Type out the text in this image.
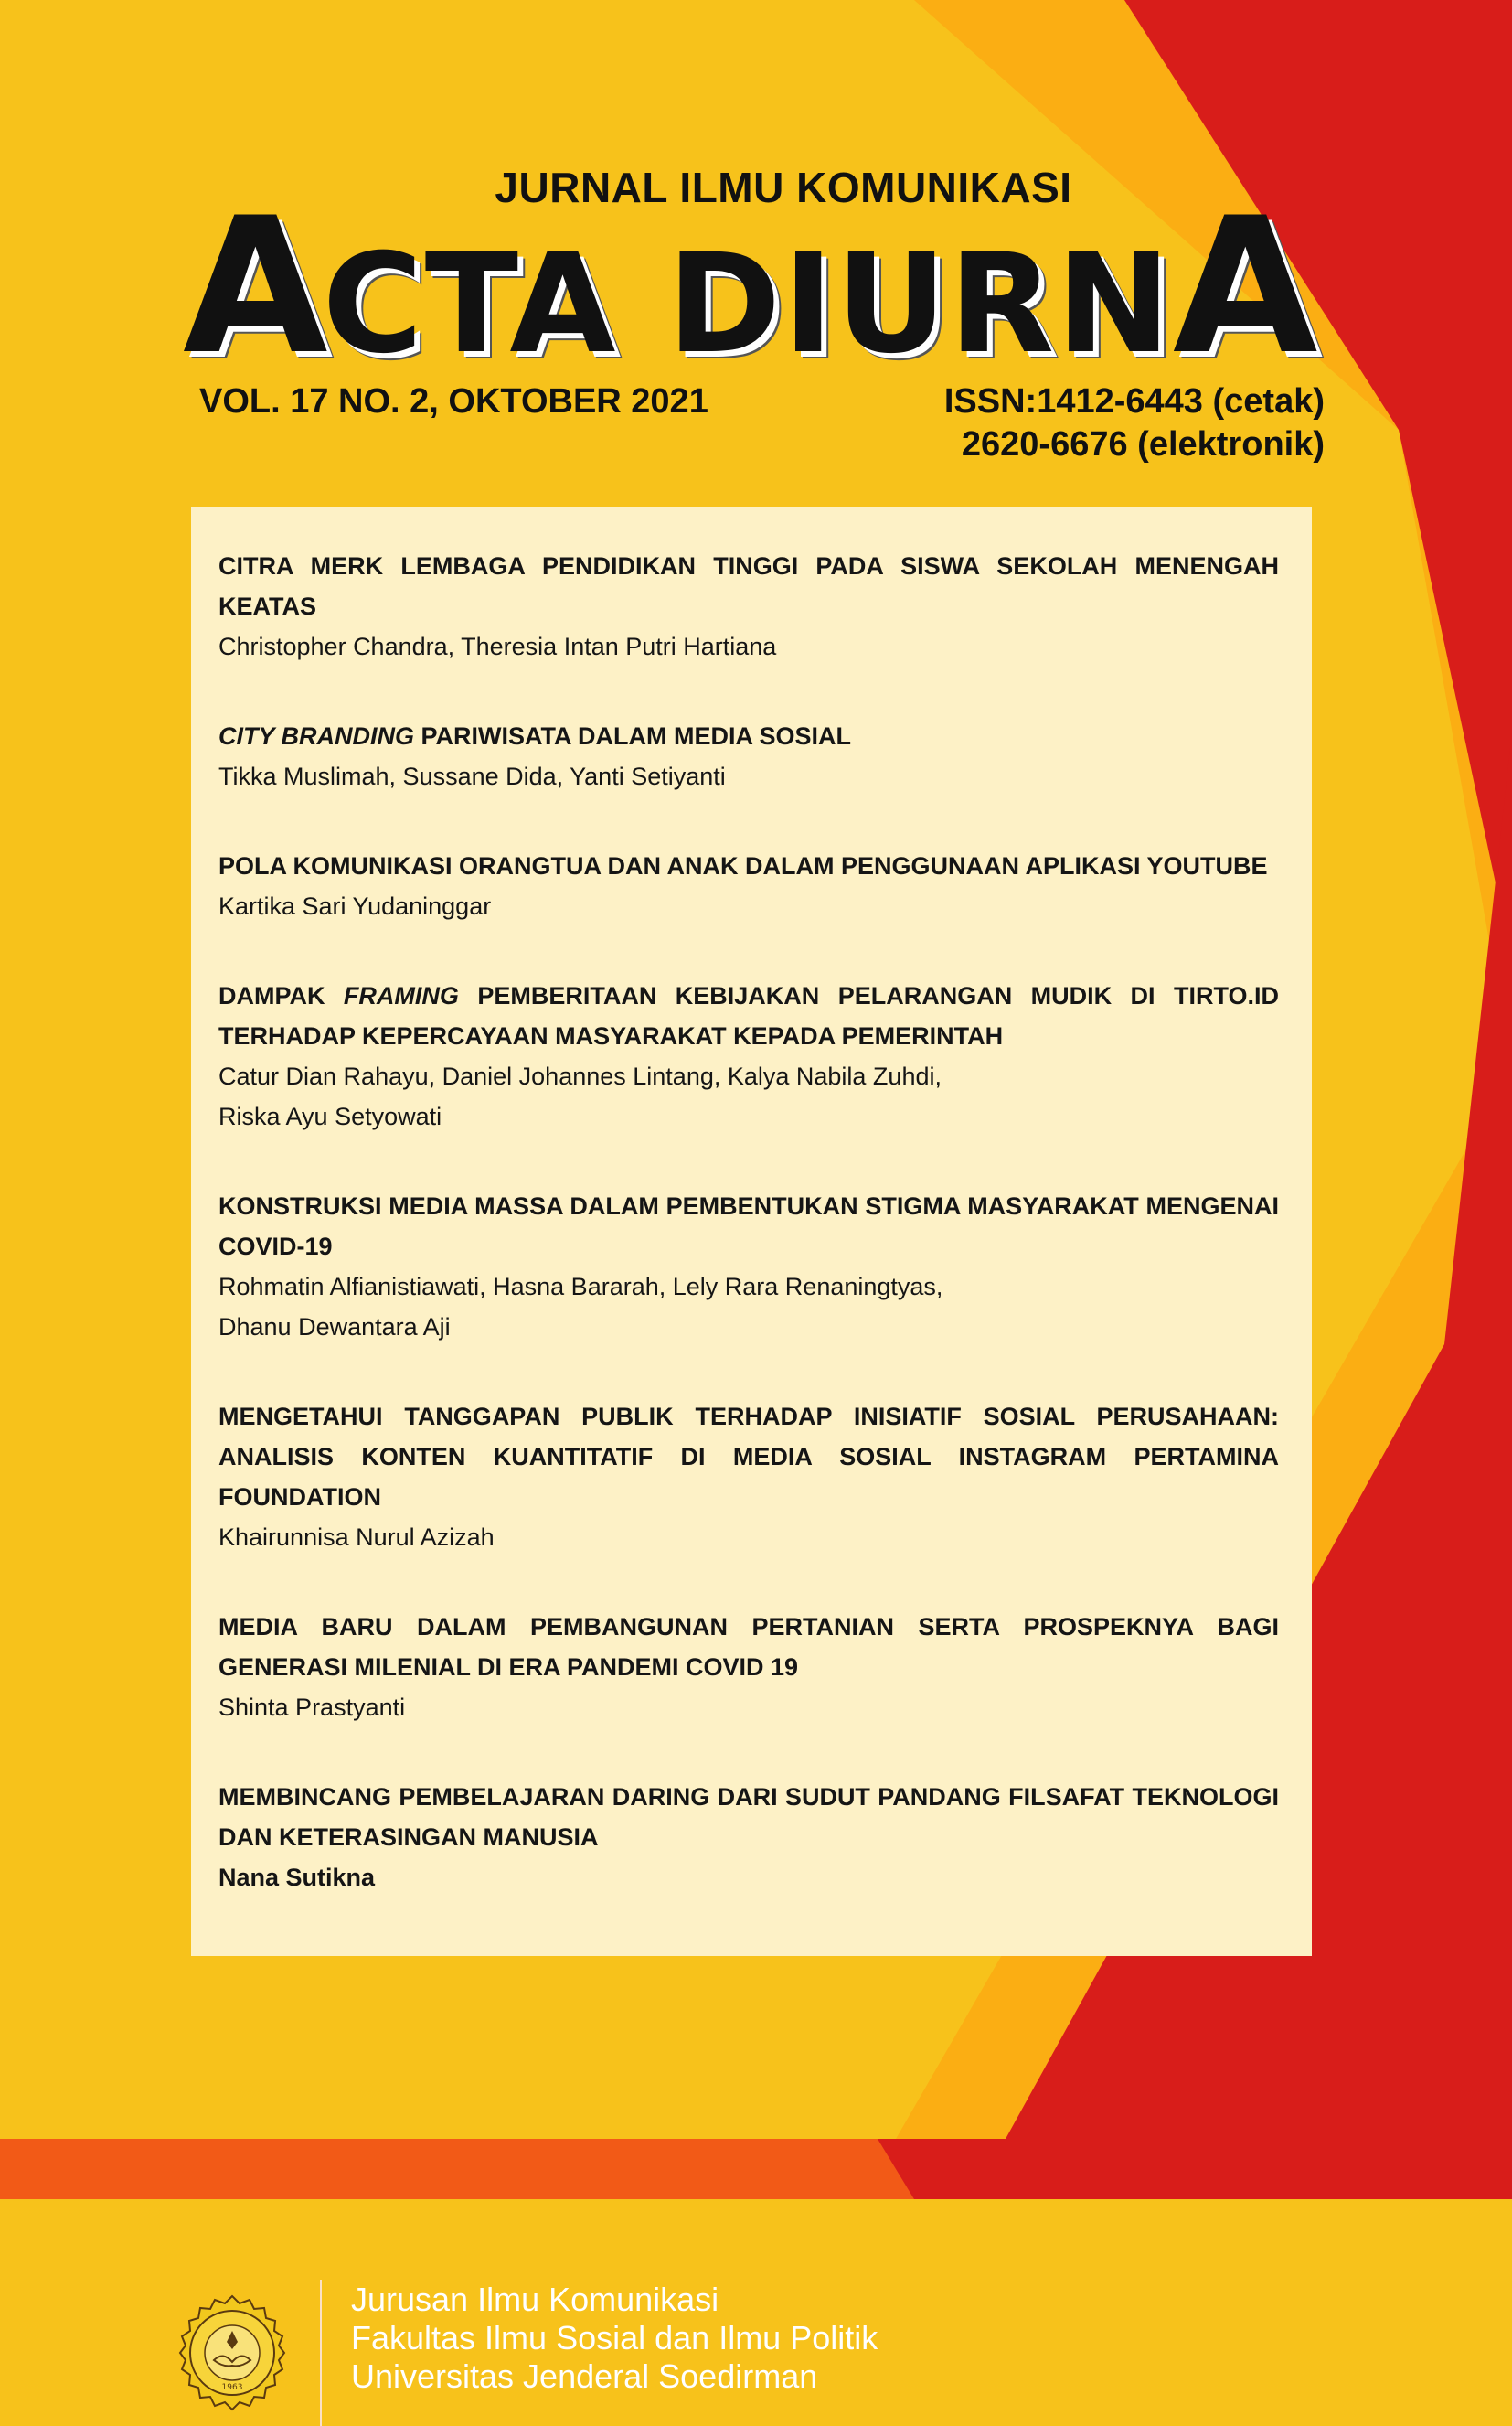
JURNAL ILMU KOMUNIKASI
ACTA DIURNA
VOL. 17 NO. 2, OKTOBER 2021	ISSN:1412-6443 (cetak)
2620-6676 (elektronik)
CITRA MERK LEMBAGA PENDIDIKAN TINGGI PADA SISWA SEKOLAH MENENGAH KEATAS
Christopher Chandra, Theresia Intan Putri Hartiana
CITY BRANDING PARIWISATA DALAM MEDIA SOSIAL
Tikka Muslimah, Sussane Dida, Yanti Setiyanti
POLA KOMUNIKASI ORANGTUA DAN ANAK DALAM PENGGUNAAN APLIKASI YOUTUBE
Kartika Sari Yudaninggar
DAMPAK FRAMING PEMBERITAAN KEBIJAKAN PELARANGAN MUDIK DI TIRTO.ID TERHADAP KEPERCAYAAN MASYARAKAT KEPADA PEMERINTAH
Catur Dian Rahayu, Daniel Johannes Lintang, Kalya Nabila Zuhdi,
Riska Ayu Setyowati
KONSTRUKSI MEDIA MASSA DALAM PEMBENTUKAN STIGMA MASYARAKAT MENGENAI COVID-19
Rohmatin Alfianistiawati, Hasna Bararah, Lely Rara Renaningtyas,
Dhanu Dewantara Aji
MENGETAHUI TANGGAPAN PUBLIK TERHADAP INISIATIF SOSIAL PERUSAHAAN: ANALISIS KONTEN KUANTITATIF DI MEDIA SOSIAL INSTAGRAM PERTAMINA FOUNDATION
Khairunnisa Nurul Azizah
MEDIA BARU DALAM PEMBANGUNAN PERTANIAN SERTA PROSPEKNYA BAGI GENERASI MILENIAL DI ERA PANDEMI COVID 19
Shinta Prastyanti
MEMBINCANG PEMBELAJARAN DARING DARI SUDUT PANDANG FILSAFAT TEKNOLOGI DAN KETERASINGAN MANUSIA
Nana Sutikna
1963
Jurusan Ilmu Komunikasi
Fakultas Ilmu Sosial dan Ilmu Politik
Universitas Jenderal Soedirman
